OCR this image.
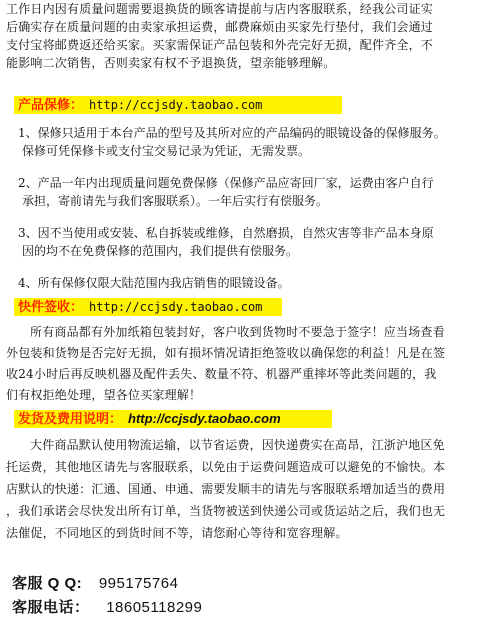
工作日内因有质量问题需要退换货的顾客请提前与店内客服联系，经我公司证实
后确实存在质量问题的由卖家承担运费，邮费麻烦由买家先行垫付，我们会通过
支付宝将邮费返还给买家。买家需保证产品包装和外壳完好无损，配件齐全，不
能影响二次销售，否则卖家有权不予退换货，望亲能够理解。
产品保修： http://ccjsdy.taobao.com
1、保修只适用于本台产品的型号及其所对应的产品编码的眼镜设备的保修服务。
保修可凭保修卡或支付宝交易记录为凭证，无需发票。
2、产品一年内出现质量问题免费保修（保修产品应寄回厂家，运费由客户自行
承担，寄前请先与我们客服联系）。一年后实行有偿服务。
3、因不当使用或安装、私自拆装或维修，自然磨损，自然灾害等非产品本身原
因的均不在免费保修的范围内，我们提供有偿服务。
4、所有保修仅限大陆范围内我店销售的眼镜设备。
快件签收： http://ccjsdy.taobao.com
所有商品都有外加纸箱包装封好，客户收到货物时不要急于签字！应当场查看
外包装和货物是否完好无损，如有损坏情况请拒绝签收以确保您的利益！凡是在签
收24小时后再反映机器及配件丢失、数量不符、机器严重摔坏等此类问题的，我
们有权拒绝处理，望各位买家理解！
发货及费用说明： http://ccjsdy.taobao.com
大件商品默认使用物流运输，以节省运费，因快递费实在高昂，江浙沪地区免
托运费，其他地区请先与客服联系，以免由于运费问题造成可以避免的不愉快。本
店默认的快递：汇通、国通、申通、需要发顺丰的请先与客服联系增加适当的费用
，我们承诺会尽快发出所有订单，当货物被送到快递公司或货运站之后，我们也无
法催促，不同地区的到货时间不等，请您耐心等待和宽容理解。
客服 Q Q: 995175764
客服电话： 18605118299
